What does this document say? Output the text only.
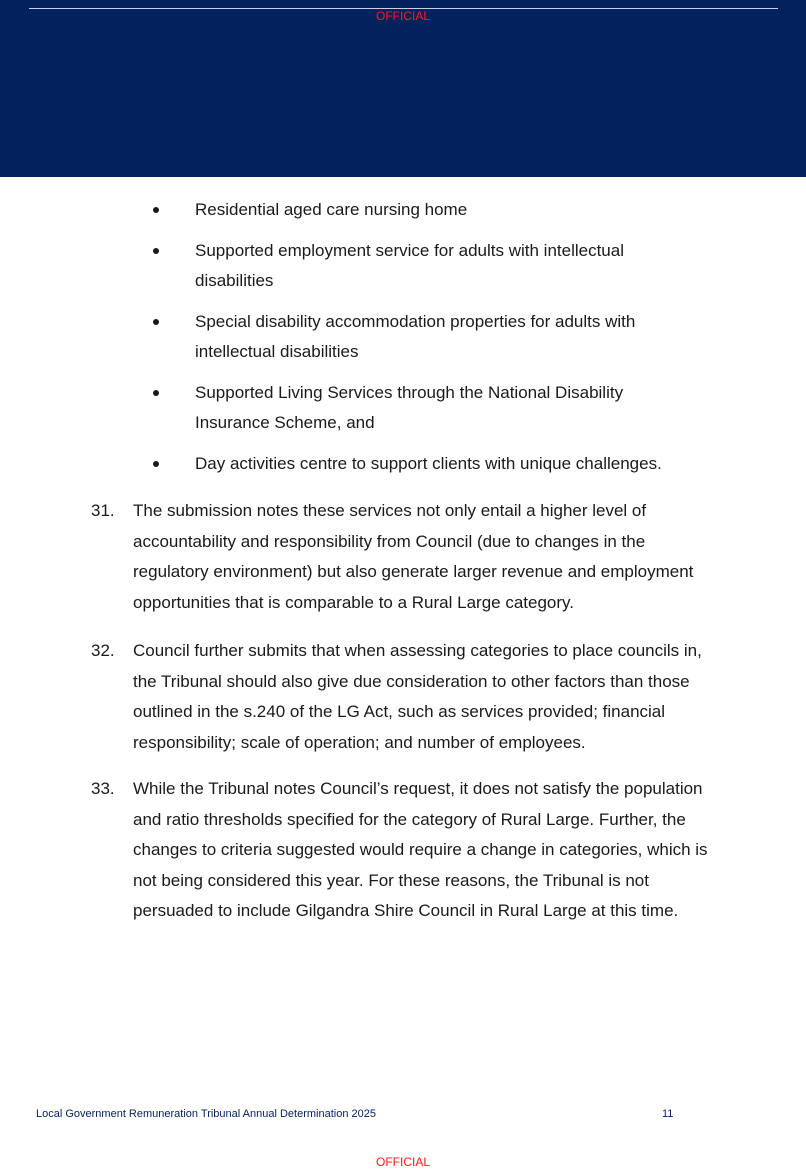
OFFICIAL
Residential aged care nursing home
Supported employment service for adults with intellectual disabilities
Special disability accommodation properties for adults with intellectual disabilities
Supported Living Services through the National Disability Insurance Scheme, and
Day activities centre to support clients with unique challenges.
31. The submission notes these services not only entail a higher level of accountability and responsibility from Council (due to changes in the regulatory environment) but also generate larger revenue and employment opportunities that is comparable to a Rural Large category.
32. Council further submits that when assessing categories to place councils in, the Tribunal should also give due consideration to other factors than those outlined in the s.240 of the LG Act, such as services provided; financial responsibility; scale of operation; and number of employees.
33. While the Tribunal notes Council’s request, it does not satisfy the population and ratio thresholds specified for the category of Rural Large. Further, the changes to criteria suggested would require a change in categories, which is not being considered this year. For these reasons, the Tribunal is not persuaded to include Gilgandra Shire Council in Rural Large at this time.
Local Government Remuneration Tribunal Annual Determination 2025	11
OFFICIAL
